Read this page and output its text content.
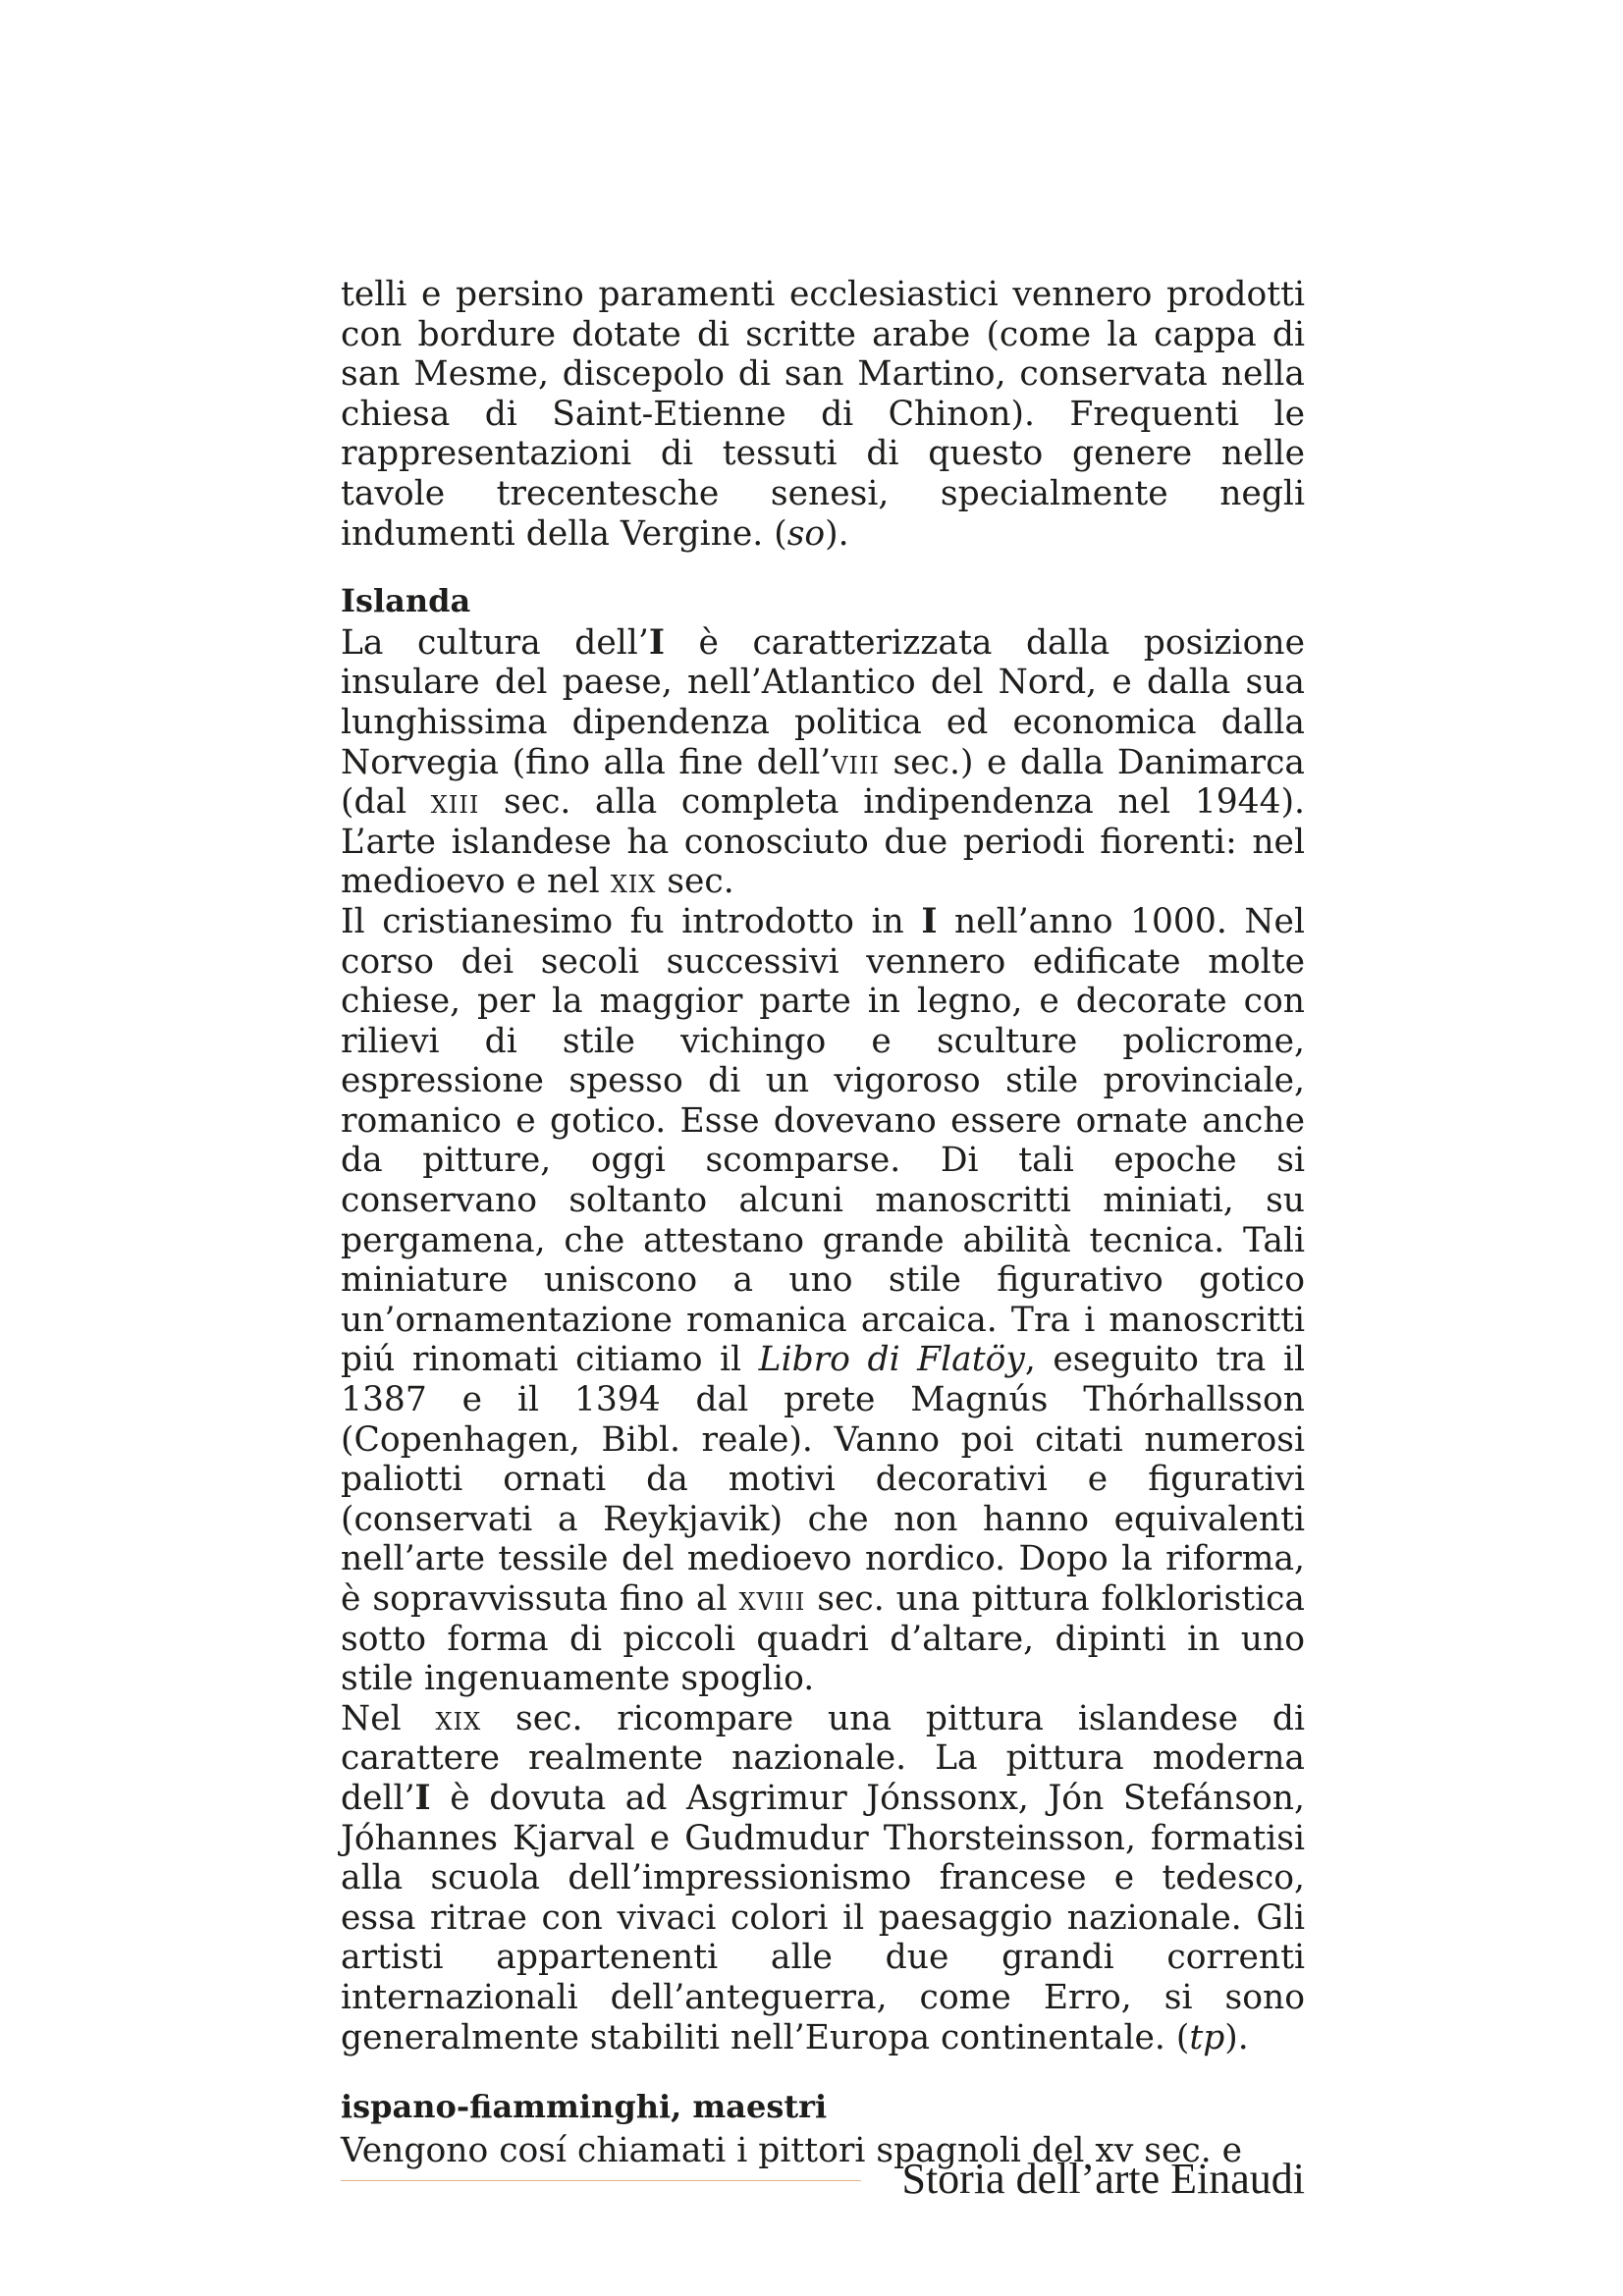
telli e persino paramenti ecclesiastici vennero prodotti con bordure dotate di scritte arabe (come la cappa di san Mesme, discepolo di san Martino, conservata nella chiesa di Saint-Etienne di Chinon). Frequenti le rappresentazioni di tessuti di questo genere nelle tavole trecentesche senesi, specialmente negli indumenti della Vergine. (so).

Islanda

La cultura dell’I è caratterizzata dalla posizione insulare del paese, nell’Atlantico del Nord, e dalla sua lunghissima dipendenza politica ed economica dalla Norvegia (fino alla fine dell’viii sec.) e dalla Danimarca (dal xiii sec. alla completa indipendenza nel 1944). L’arte islandese ha conosciuto due periodi fiorenti: nel medioevo e nel xix sec.

Il cristianesimo fu introdotto in I nell’anno 1000. Nel corso dei secoli successivi vennero edificate molte chiese, per la maggior parte in legno, e decorate con rilievi di stile vichingo e sculture policrome, espressione spesso di un vigoroso stile provinciale, romanico e gotico. Esse dovevano essere ornate anche da pitture, oggi scomparse. Di tali epoche si conservano soltanto alcuni manoscritti miniati, su pergamena, che attestano grande abilità tecnica. Tali miniature uniscono a uno stile figurativo gotico un’ornamentazione romanica arcaica. Tra i manoscritti piú rinomati citiamo il Libro di Flatöy, eseguito tra il 1387 e il 1394 dal prete Magnús Thórhallsson (Copenhagen, Bibl. reale). Vanno poi citati numerosi paliotti ornati da motivi decorativi e figurativi (conservati a Reykjavik) che non hanno equivalenti nell’arte tessile del medioevo nordico. Dopo la riforma, è sopravvissuta fino al xviii sec. una pittura folkloristica sotto forma di piccoli quadri d’altare, dipinti in uno stile ingenuamente spoglio.

Nel xix sec. ricompare una pittura islandese di carattere realmente nazionale. La pittura moderna dell’I è dovuta ad Asgrimur Jónssonx, Jón Stefánson, Jóhannes Kjarval e Gudmudur Thorsteinsson, formatisi alla scuola dell’impressionismo francese e tedesco, essa ritrae con vivaci colori il paesaggio nazionale. Gli artisti appartenenti alle due grandi correnti internazionali dell’anteguerra, come Erro, si sono generalmente stabiliti nell’Europa continentale. (tp).

ispano-fiamminghi, maestri

Vengono cosí chiamati i pittori spagnoli del xv sec. e

Storia dell’arte Einaudi
